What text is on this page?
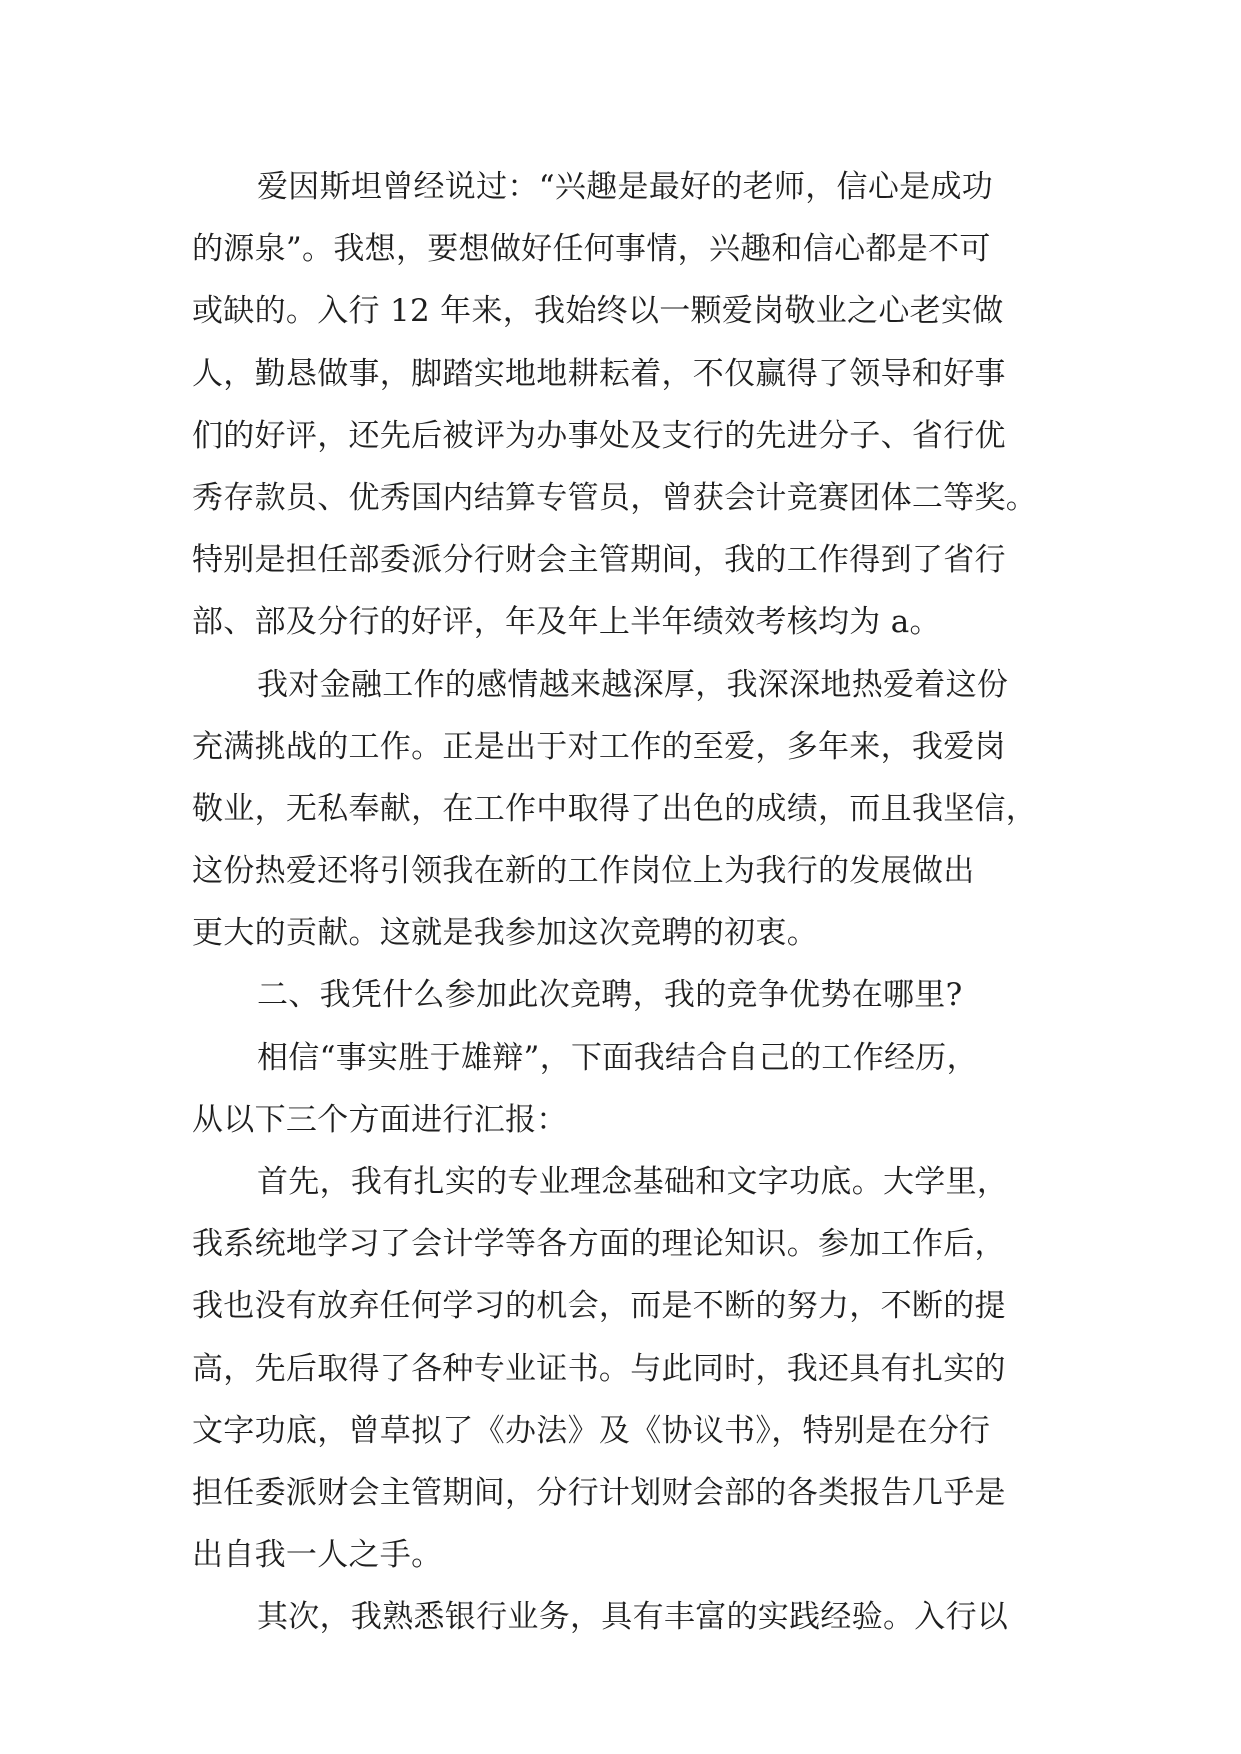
爱因斯坦曾经说过：“兴趣是最好的老师，信心是成功
的源泉”。我想，要想做好任何事情，兴趣和信心都是不可
或缺的。入行 12 年来，我始终以一颗爱岗敬业之心老实做
人，勤恳做事，脚踏实地地耕耘着，不仅赢得了领导和好事
们的好评，还先后被评为办事处及支行的先进分子、省行优
秀存款员、优秀国内结算专管员，曾获会计竞赛团体二等奖。
特别是担任部委派分行财会主管期间，我的工作得到了省行
部、部及分行的好评，年及年上半年绩效考核均为 a。
我对金融工作的感情越来越深厚，我深深地热爱着这份
充满挑战的工作。正是出于对工作的至爱，多年来，我爱岗
敬业，无私奉献，在工作中取得了出色的成绩，而且我坚信，
这份热爱还将引领我在新的工作岗位上为我行的发展做出
更大的贡献。这就是我参加这次竞聘的初衷。
二、我凭什么参加此次竞聘，我的竞争优势在哪里?
相信“事实胜于雄辩”，下面我结合自己的工作经历，
从以下三个方面进行汇报：
首先，我有扎实的专业理念基础和文字功底。大学里，
我系统地学习了会计学等各方面的理论知识。参加工作后，
我也没有放弃任何学习的机会，而是不断的努力，不断的提
高，先后取得了各种专业证书。与此同时，我还具有扎实的
文字功底，曾草拟了《办法》及《协议书》，特别是在分行
担任委派财会主管期间，分行计划财会部的各类报告几乎是
出自我一人之手。
其次，我熟悉银行业务，具有丰富的实践经验。入行以
